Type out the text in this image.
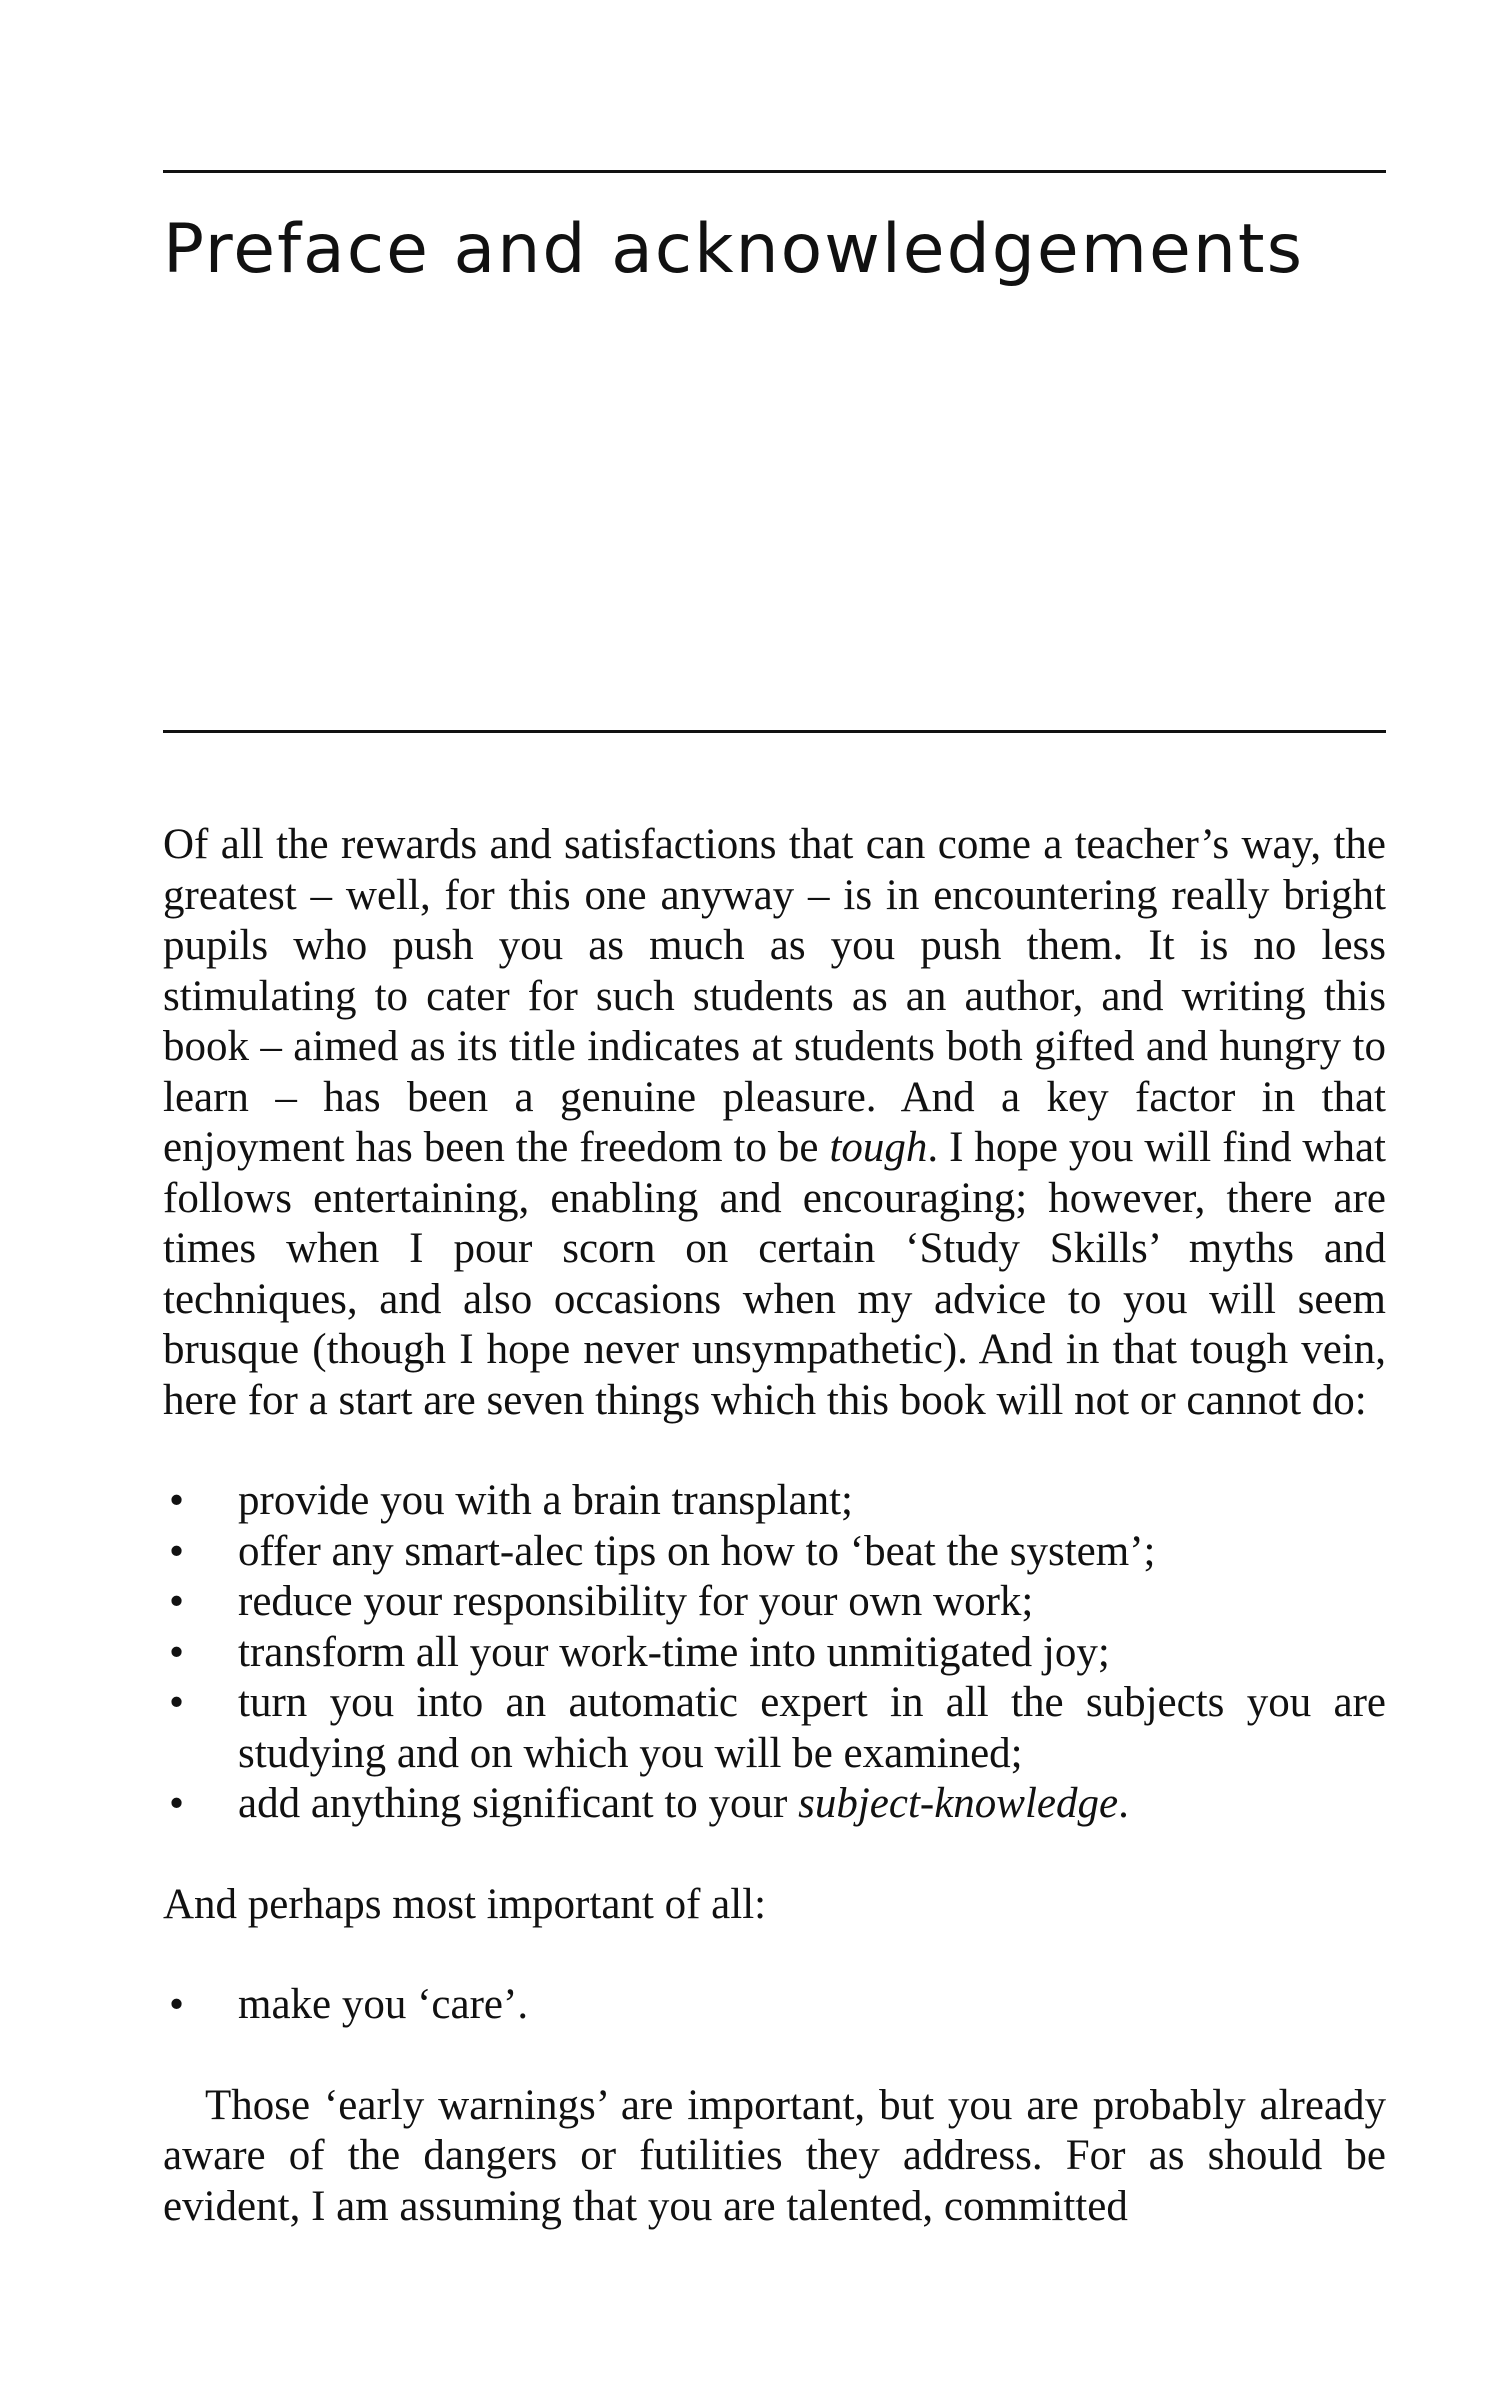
Preface and acknowledgements

Of all the rewards and satisfactions that can come a teacher’s way, the greatest – well, for this one anyway – is in encountering really bright pupils who push you as much as you push them. It is no less stimulating to cater for such students as an author, and writing this book – aimed as its title indicates at students both gifted and hungry to learn – has been a genuine pleasure. And a key factor in that enjoyment has been the freedom to be tough. I hope you will find what follows entertaining, enabling and encouraging; however, there are times when I pour scorn on certain ‘Study Skills’ myths and techniques, and also occasions when my advice to you will seem brusque (though I hope never unsympathetic). And in that tough vein, here for a start are seven things which this book will not or cannot do:

• provide you with a brain transplant;
• offer any smart-alec tips on how to ‘beat the system’;
• reduce your responsibility for your own work;
• transform all your work-time into unmitigated joy;
• turn you into an automatic expert in all the subjects you are studying and on which you will be examined;
• add anything significant to your subject-knowledge.

And perhaps most important of all:

• make you ‘care’.

Those ‘early warnings’ are important, but you are probably already aware of the dangers or futilities they address. For as should be evident, I am assuming that you are talented, committed
